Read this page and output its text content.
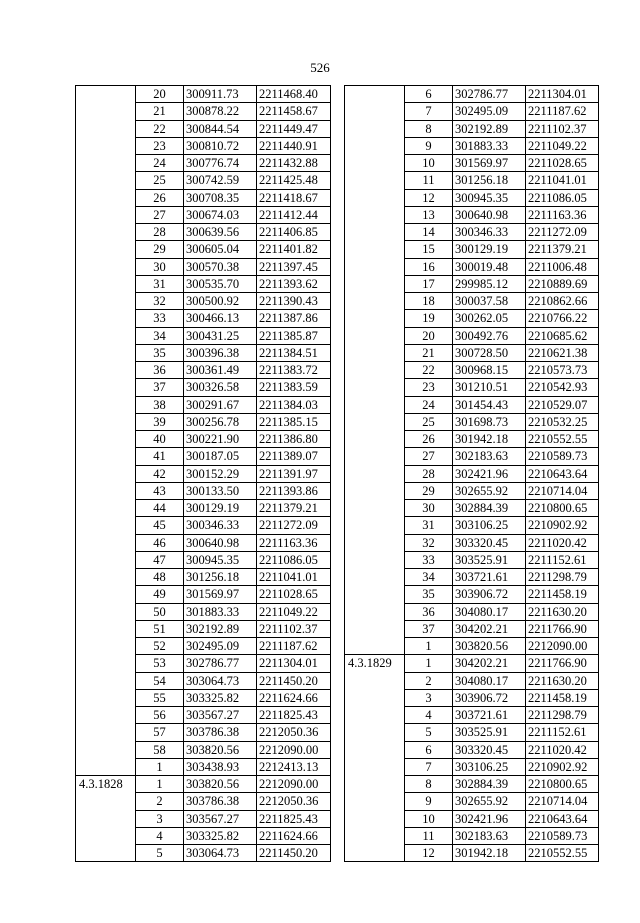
526
	20	300911.73	2211468.40
	21	300878.22	2211458.67
	22	300844.54	2211449.47
	23	300810.72	2211440.91
	24	300776.74	2211432.88
	25	300742.59	2211425.48
	26	300708.35	2211418.67
	27	300674.03	2211412.44
	28	300639.56	2211406.85
	29	300605.04	2211401.82
	30	300570.38	2211397.45
	31	300535.70	2211393.62
	32	300500.92	2211390.43
	33	300466.13	2211387.86
	34	300431.25	2211385.87
	35	300396.38	2211384.51
	36	300361.49	2211383.72
	37	300326.58	2211383.59
	38	300291.67	2211384.03
	39	300256.78	2211385.15
	40	300221.90	2211386.80
	41	300187.05	2211389.07
	42	300152.29	2211391.97
	43	300133.50	2211393.86
	44	300129.19	2211379.21
	45	300346.33	2211272.09
	46	300640.98	2211163.36
	47	300945.35	2211086.05
	48	301256.18	2211041.01
	49	301569.97	2211028.65
	50	301883.33	2211049.22
	51	302192.89	2211102.37
	52	302495.09	2211187.62
	53	302786.77	2211304.01
	54	303064.73	2211450.20
	55	303325.82	2211624.66
	56	303567.27	2211825.43
	57	303786.38	2212050.36
	58	303820.56	2212090.00
	1	303438.93	2212413.13
4.3.1828	1	303820.56	2212090.00
	2	303786.38	2212050.36
	3	303567.27	2211825.43
	4	303325.82	2211624.66
	5	303064.73	2211450.20
	6	302786.77	2211304.01
	7	302495.09	2211187.62
	8	302192.89	2211102.37
	9	301883.33	2211049.22
	10	301569.97	2211028.65
	11	301256.18	2211041.01
	12	300945.35	2211086.05
	13	300640.98	2211163.36
	14	300346.33	2211272.09
	15	300129.19	2211379.21
	16	300019.48	2211006.48
	17	299985.12	2210889.69
	18	300037.58	2210862.66
	19	300262.05	2210766.22
	20	300492.76	2210685.62
	21	300728.50	2210621.38
	22	300968.15	2210573.73
	23	301210.51	2210542.93
	24	301454.43	2210529.07
	25	301698.73	2210532.25
	26	301942.18	2210552.55
	27	302183.63	2210589.73
	28	302421.96	2210643.64
	29	302655.92	2210714.04
	30	302884.39	2210800.65
	31	303106.25	2210902.92
	32	303320.45	2211020.42
	33	303525.91	2211152.61
	34	303721.61	2211298.79
	35	303906.72	2211458.19
	36	304080.17	2211630.20
	37	304202.21	2211766.90
	1	303820.56	2212090.00
4.3.1829	1	304202.21	2211766.90
	2	304080.17	2211630.20
	3	303906.72	2211458.19
	4	303721.61	2211298.79
	5	303525.91	2211152.61
	6	303320.45	2211020.42
	7	303106.25	2210902.92
	8	302884.39	2210800.65
	9	302655.92	2210714.04
	10	302421.96	2210643.64
	11	302183.63	2210589.73
	12	301942.18	2210552.55
